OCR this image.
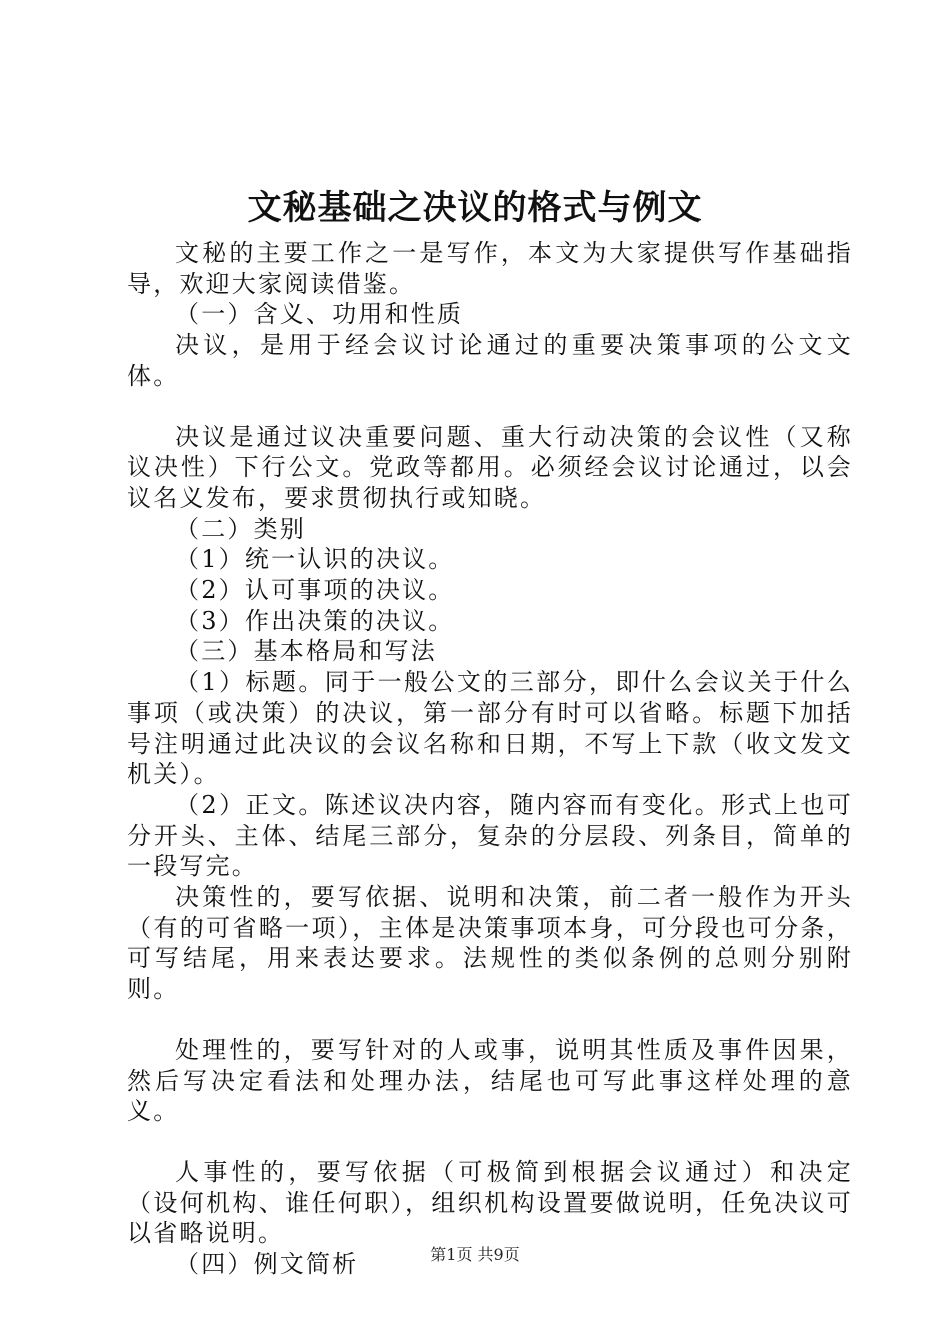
文秘基础之决议的格式与例文

文秘的主要工作之一是写作，本文为大家提供写作基础指导，欢迎大家阅读借鉴。

（一）含义、功用和性质

决议，是用于经会议讨论通过的重要决策事项的公文文体。

决议是通过议决重要问题、重大行动决策的会议性（又称议决性）下行公文。党政等都用。必须经会议讨论通过，以会议名义发布，要求贯彻执行或知晓。

（二）类别

（1）统一认识的决议。

（2）认可事项的决议。

（3）作出决策的决议。

（三）基本格局和写法

（1）标题。同于一般公文的三部分，即什么会议关于什么事项（或决策）的决议，第一部分有时可以省略。标题下加括号注明通过此决议的会议名称和日期，不写上下款（收文发文机关）。

（2）正文。陈述议决内容，随内容而有变化。形式上也可分开头、主体、结尾三部分，复杂的分层段、列条目，简单的一段写完。

决策性的，要写依据、说明和决策，前二者一般作为开头（有的可省略一项），主体是决策事项本身，可分段也可分条，可写结尾，用来表达要求。法规性的类似条例的总则分别附则。

处理性的，要写针对的人或事，说明其性质及事件因果，然后写决定看法和处理办法，结尾也可写此事这样处理的意义。

人事性的，要写依据（可极简到根据会议通过）和决定（设何机构、谁任何职），组织机构设置要做说明，任免决议可以省略说明。

（四）例文简析	第1页 共9页
